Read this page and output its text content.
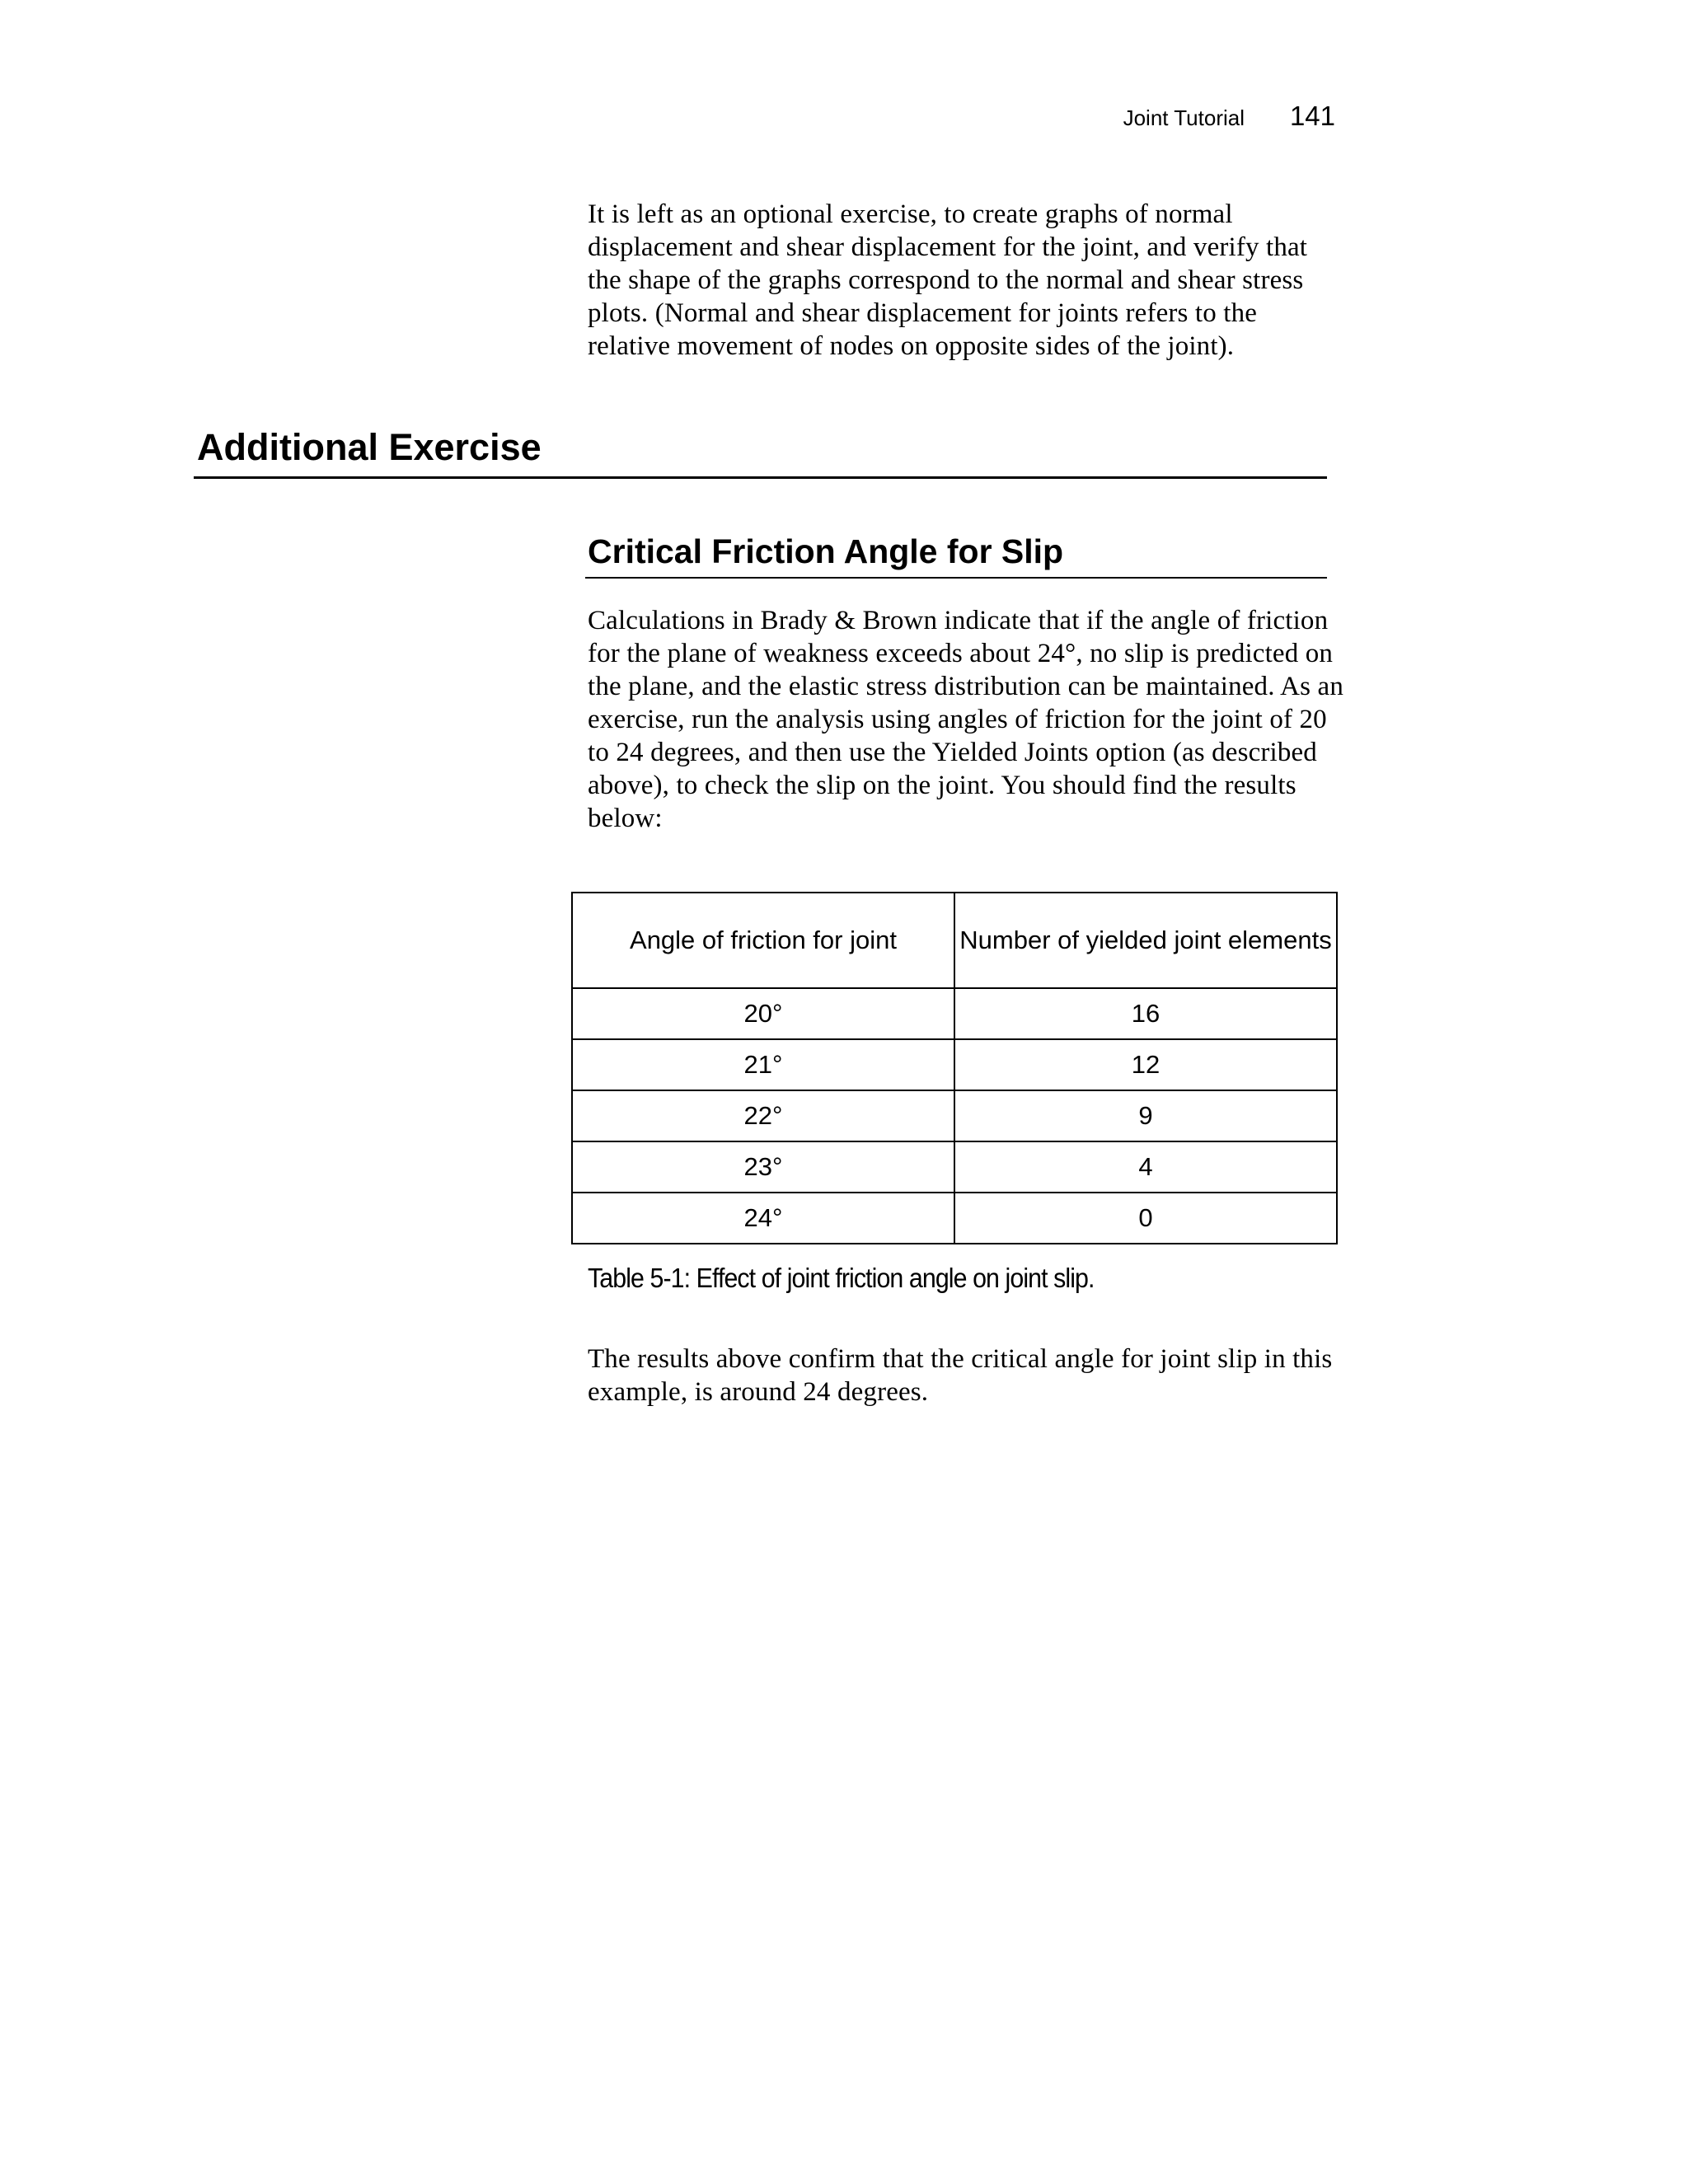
Joint Tutorial 141

It is left as an optional exercise, to create graphs of normal displacement and shear displacement for the joint, and verify that the shape of the graphs correspond to the normal and shear stress plots. (Normal and shear displacement for joints refers to the relative movement of nodes on opposite sides of the joint).

Additional Exercise
Critical Friction Angle for Slip

Calculations in Brady & Brown indicate that if the angle of friction for the plane of weakness exceeds about 24°, no slip is predicted on the plane, and the elastic stress distribution can be maintained. As an exercise, run the analysis using angles of friction for the joint of 20 to 24 degrees, and then use the Yielded Joints option (as described above), to check the slip on the joint. You should find the results below:

Angle of friction for joint	Number of yielded joint elements
20°	16
21°	12
22°	9
23°	4
24°	0
Table 5-1: Effect of joint friction angle on joint slip.

The results above confirm that the critical angle for joint slip in this example, is around 24 degrees.
